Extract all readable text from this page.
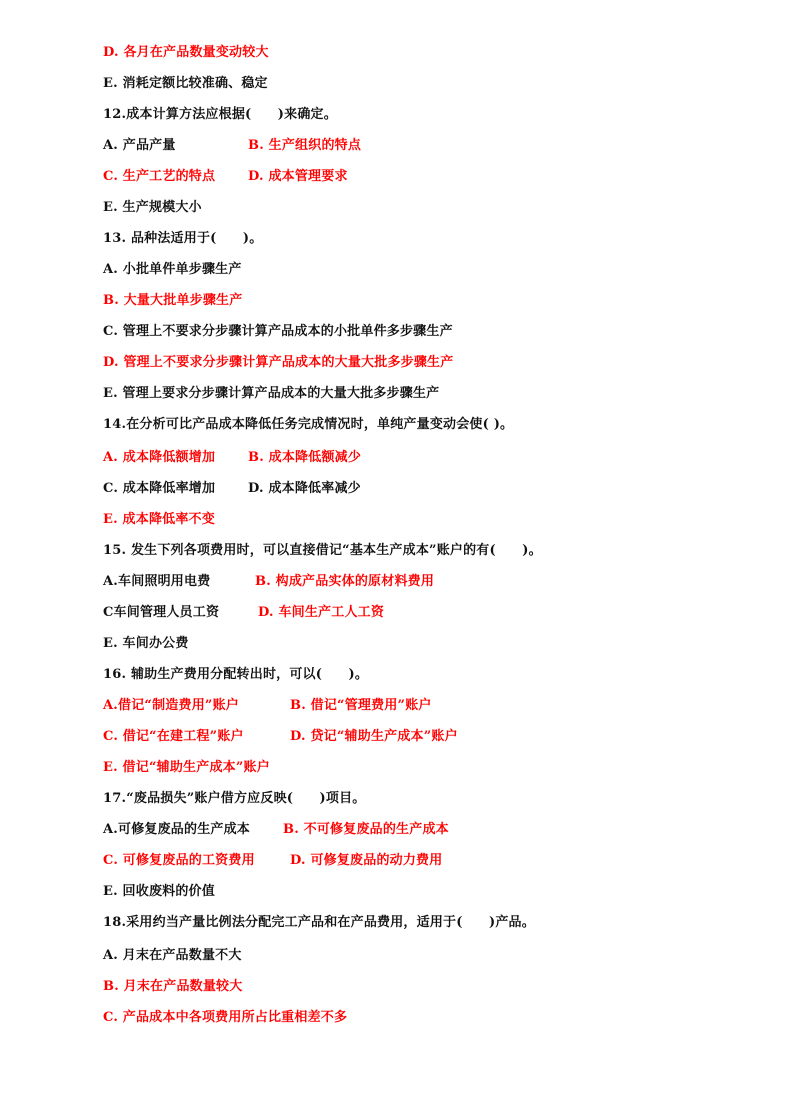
D. 各月在产品数量变动较大
E. 消耗定额比较准确、稳定
12.成本计算方法应根据(　　)来确定。
A. 产品产量	B. 生产组织的特点
C. 生产工艺的特点	D. 成本管理要求
E. 生产规模大小
13. 品种法适用于(　　)。
A. 小批单件单步骤生产
B. 大量大批单步骤生产
C. 管理上不要求分步骤计算产品成本的小批单件多步骤生产
D. 管理上不要求分步骤计算产品成本的大量大批多步骤生产
E. 管理上要求分步骤计算产品成本的大量大批多步骤生产
14.在分析可比产品成本降低任务完成情况时，单纯产量变动会使( )。
A. 成本降低额增加	B. 成本降低额减少
C. 成本降低率增加	D. 成本降低率减少
E. 成本降低率不变
15. 发生下列各项费用时，可以直接借记“基本生产成本”账户的有(　　)。
A.车间照明用电费	B. 构成产品实体的原材料费用
C车间管理人员工资	D. 车间生产工人工资
E. 车间办公费
16. 辅助生产费用分配转出时，可以(　　)。
A.借记“制造费用”账户	B. 借记“管理费用”账户
C. 借记“在建工程”账户	D. 贷记“辅助生产成本”账户
E. 借记“辅助生产成本”账户
17.“废品损失”账户借方应反映(　　)项目。
A.可修复废品的生产成本	B. 不可修复废品的生产成本
C. 可修复废品的工资费用	D. 可修复废品的动力费用
E. 回收废料的价值
18.采用约当产量比例法分配完工产品和在产品费用，适用于(　　)产品。
A. 月末在产品数量不大
B. 月末在产品数量较大
C. 产品成本中各项费用所占比重相差不多
